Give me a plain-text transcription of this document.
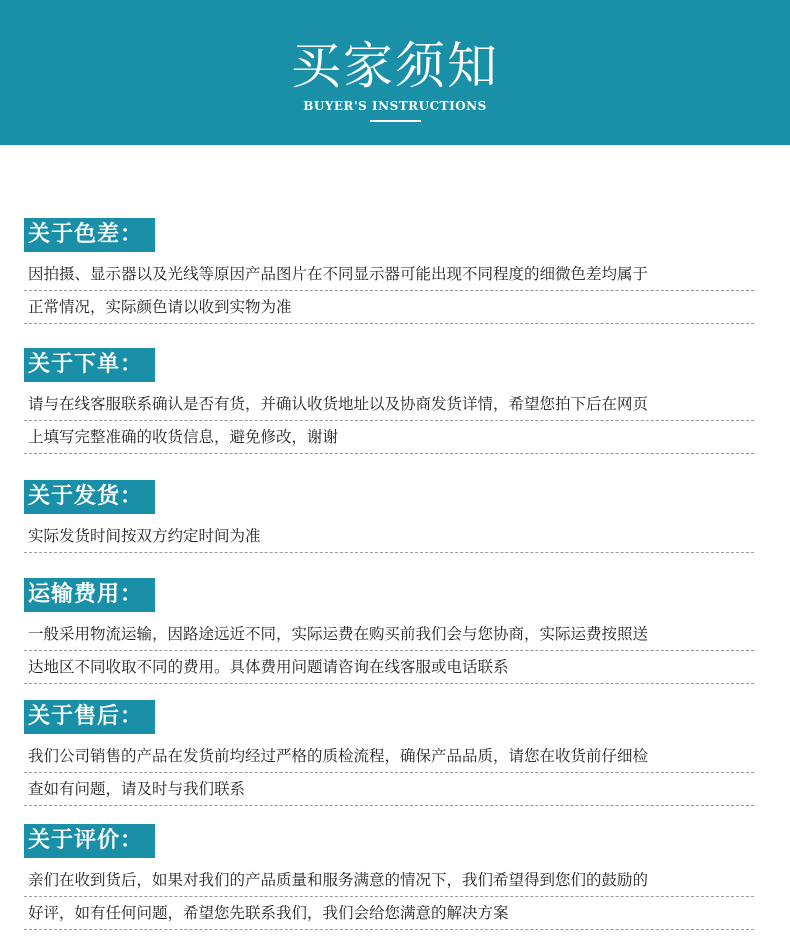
买家须知
BUYER'S INSTRUCTIONS
关于色差：
因拍摄、显示器以及光线等原因产品图片在不同显示器可能出现不同程度的细微色差均属于
正常情况，实际颜色请以收到实物为准
关于下单：
请与在线客服联系确认是否有货，并确认收货地址以及协商发货详情，希望您拍下后在网页
上填写完整准确的收货信息，避免修改，谢谢
关于发货：
实际发货时间按双方约定时间为准
运输费用：
一般采用物流运输，因路途远近不同，实际运费在购买前我们会与您协商，实际运费按照送
达地区不同收取不同的费用。具体费用问题请咨询在线客服或电话联系
关于售后：
我们公司销售的产品在发货前均经过严格的质检流程，确保产品品质，请您在收货前仔细检
查如有问题，请及时与我们联系
关于评价：
亲们在收到货后，如果对我们的产品质量和服务满意的情况下，我们希望得到您们的鼓励的
好评，如有任何问题，希望您先联系我们，我们会给您满意的解决方案
